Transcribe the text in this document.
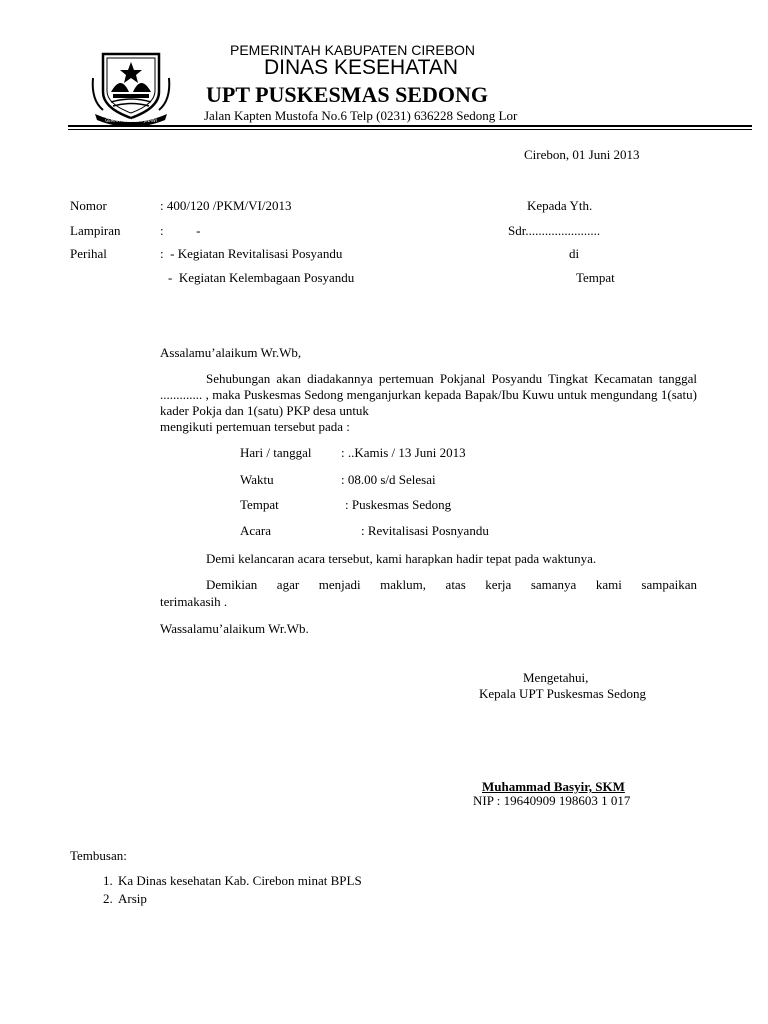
GEMAH RIPAH LOH JINAWI
PEMERINTAH KABUPATEN CIREBON
DINAS KESEHATAN
UPT PUSKESMAS SEDONG
Jalan Kapten Mustofa No.6 Telp (0231) 636228 Sedong Lor
Cirebon, 01 Juni 2013
Nomor	: 400/120 /PKM/VI/2013
Lampiran	:          -
Perihal	:  - Kegiatan Revitalisasi Posyandu
-  Kegiatan Kelembagaan Posyandu
Kepada Yth.
Sdr.......................
di
Tempat
Assalamu’alaikum Wr.Wb,
Sehubungan akan diadakannya pertemuan Pokjanal Posyandu Tingkat Kecamatan tanggal ............. , maka Puskesmas Sedong menganjurkan kepada Bapak/Ibu Kuwu untuk mengundang 1(satu) kader Pokja dan 1(satu) PKP desa untuk
mengikuti pertemuan tersebut pada :
Hari / tanggal : ..Kamis / 13 Juni 2013
Waktu	: 08.00 s/d Selesai
Tempat	: Puskesmas Sedong
Acara	: Revitalisasi Posnyandu
Demi kelancaran acara tersebut, kami harapkan hadir tepat pada waktunya.
Demikian agar menjadi maklum, atas kerja samanya kami sampaikan
terimakasih .
Wassalamu’alaikum Wr.Wb.
Mengetahui,
Kepala UPT Puskesmas Sedong
Muhammad Basyir, SKM
NIP : 19640909 198603 1 017
Tembusan:
1. Ka Dinas kesehatan Kab. Cirebon minat BPLS
2. Arsip
